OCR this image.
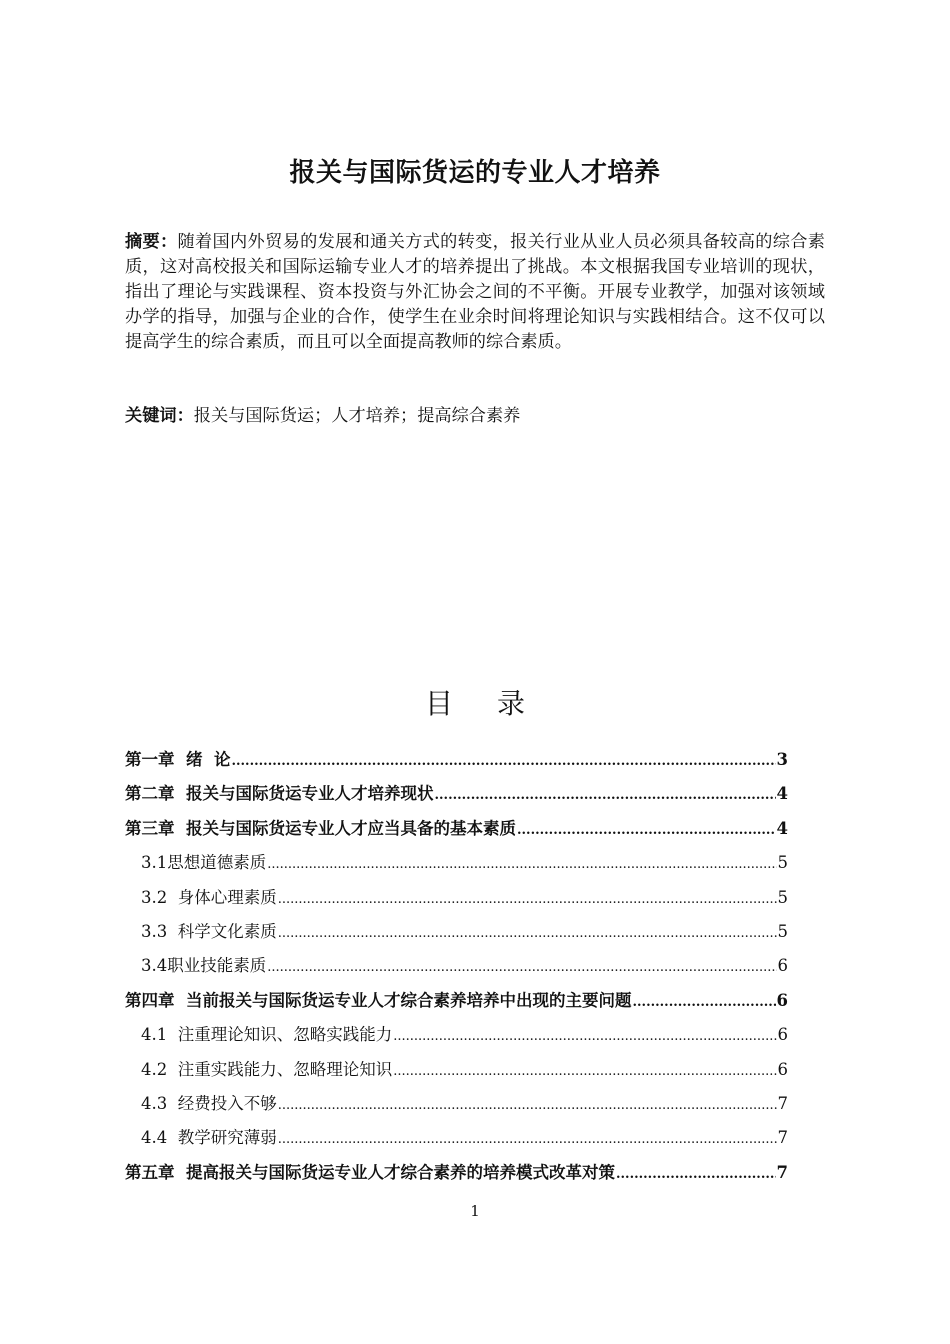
报关与国际货运的专业人才培养
摘要：随着国内外贸易的发展和通关方式的转变，报关行业从业人员必须具备较高的综合素质，这对高校报关和国际运输专业人才的培养提出了挑战。本文根据我国专业培训的现状，指出了理论与实践课程、资本投资与外汇协会之间的不平衡。开展专业教学，加强对该领域办学的指导，加强与企业的合作，使学生在业余时间将理论知识与实践相结合。这不仅可以提高学生的综合素质，而且可以全面提高教师的综合素质。
关键词：报关与国际货运；人才培养；提高综合素养
目 录
第一章  绪  论 .....	3
第二章  报关与国际货运专业人才培养现状 .....	4
第三章  报关与国际货运专业人才应当具备的基本素质 .....	4
3.1思想道德素质 .....	5
3.2  身体心理素质 .....	5
3.3  科学文化素质 .....	5
3.4职业技能素质 .....	6
第四章  当前报关与国际货运专业人才综合素养培养中出现的主要问题 .....	6
4.1  注重理论知识、忽略实践能力 .....	6
4.2  注重实践能力、忽略理论知识 .....	6
4.3  经费投入不够 .....	7
4.4  教学研究薄弱 .....	7
第五章  提高报关与国际货运专业人才综合素养的培养模式改革对策 .....	7
1
